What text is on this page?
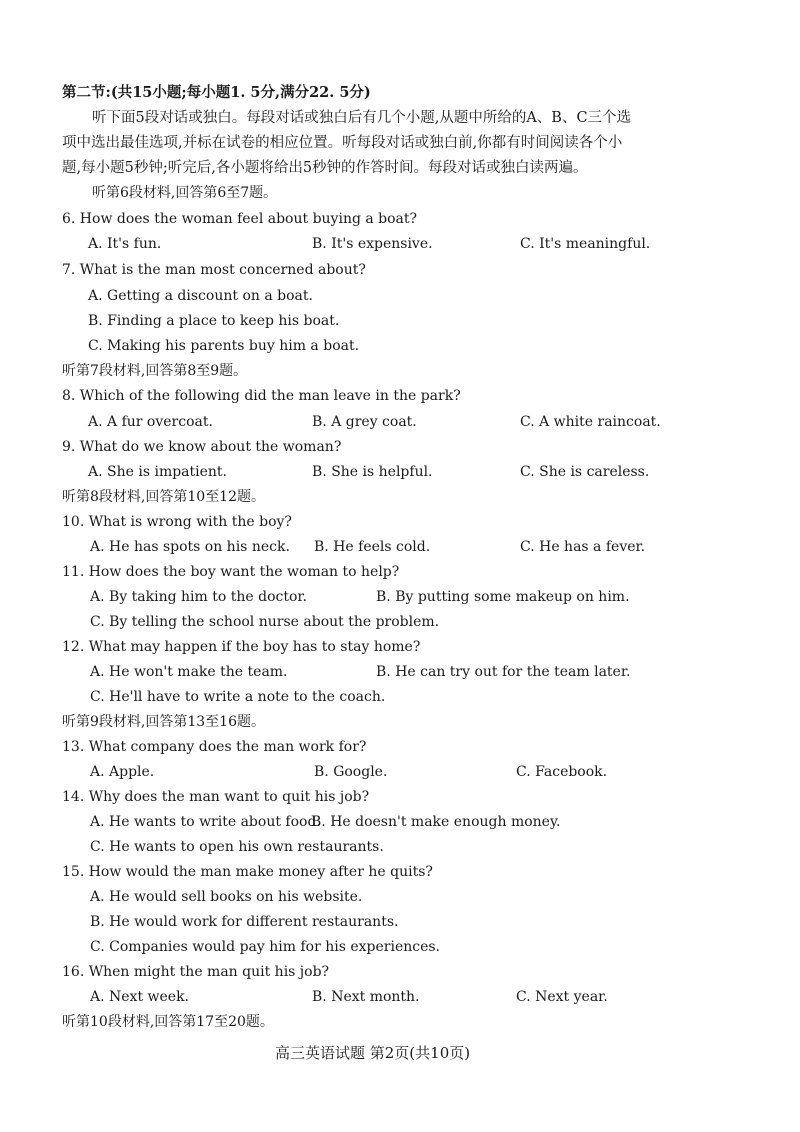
第二节:(共15小题;每小题1. 5分,满分22. 5分)
听下面5段对话或独白。每段对话或独白后有几个小题,从题中所给的A、B、C三个选
项中选出最佳选项,并标在试卷的相应位置。听每段对话或独白前,你都有时间阅读各个小
题,每小题5秒钟;听完后,各小题将给出5秒钟的作答时间。每段对话或独白读两遍。
听第6段材料,回答第6至7题。
6. How does the woman feel about buying a boat?
A. It's fun.	B. It's expensive.	C. It's meaningful.
7. What is the man most concerned about?
A. Getting a discount on a boat.
B. Finding a place to keep his boat.
C. Making his parents buy him a boat.
听第7段材料,回答第8至9题。
8. Which of the following did the man leave in the park?
A. A fur overcoat.	B. A grey coat.	C. A white raincoat.
9. What do we know about the woman?
A. She is impatient.	B. She is helpful.	C. She is careless.
听第8段材料,回答第10至12题。
10. What is wrong with the boy?
A. He has spots on his neck. B. He feels cold.	C. He has a fever.
11. How does the boy want the woman to help?
A. By taking him to the doctor.	B. By putting some makeup on him.
C. By telling the school nurse about the problem.
12. What may happen if the boy has to stay home?
A. He won't make the team.	B. He can try out for the team later.
C. He'll have to write a note to the coach.
听第9段材料,回答第13至16题。
13. What company does the man work for?
A. Apple.	B. Google.	C. Facebook.
14. Why does the man want to quit his job?
A. He wants to write about food.
B. He doesn't make enough money.
C. He wants to open his own restaurants.
15. How would the man make money after he quits?
A. He would sell books on his website.
B. He would work for different restaurants.
C. Companies would pay him for his experiences.
16. When might the man quit his job?
A. Next week.	B. Next month.	C. Next year.
听第10段材料,回答第17至20题。
高三英语试题 第2页(共10页)
